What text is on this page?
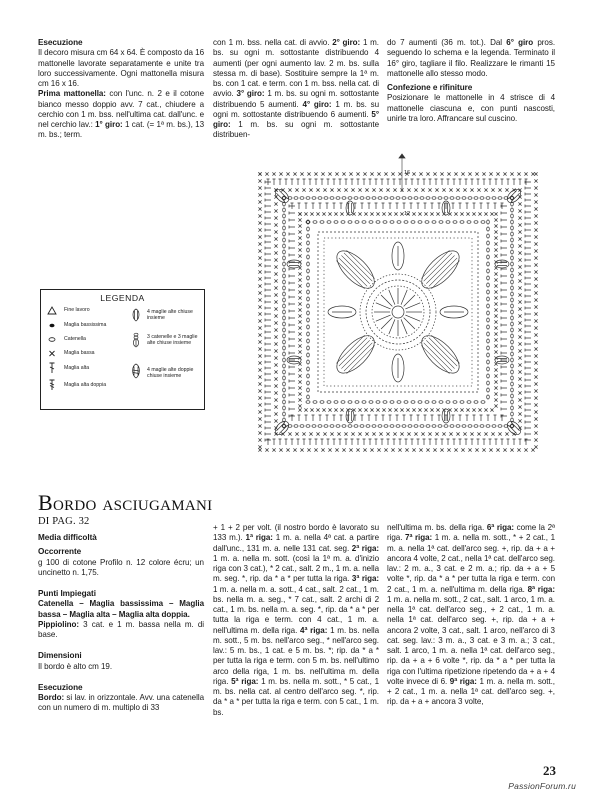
Esecuzione

Il decoro misura cm 64 x 64. È composto da 16 mattonelle lavorate separatamente e unite tra loro successivamente. Ogni mattonella misura cm 16 x 16.

Prima mattonella: con l'unc. n. 2 e il cotone bianco messo doppio avv. 7 cat., chiudere a cerchio con 1 m. bss. nell'ultima cat. dall'unc. e nel cerchio lav.: 1° giro: 1 cat. (= 1ª m. bs.), 13 m. bs.; term.

con 1 m. bss. nella cat. di avvio. 2° giro: 1 m. bs. su ogni m. sottostante distribuendo 4 aumenti (per ogni aumento lav. 2 m. bs. sulla stessa m. di base). Sostituire sempre la 1ª m. bs. con 1 cat. e term. con 1 m. bss. nella cat. di avvio. 3° giro: 1 m. bs. su ogni m. sottostante distribuendo 5 aumenti. 4° giro: 1 m. bs. su ogni m. sottostante distribuendo 6 aumenti. 5° giro: 1 m. bs. su ogni m. sottostante distribuen-

do 7 aumenti (36 m. tot.). Dal 6° giro pros. seguendo lo schema e la legenda. Terminato il 16° giro, tagliare il filo. Realizzare le rimanti 15 mattonelle allo stesso modo.

Confezione e rifiniture

Posizionare le mattonelle in 4 strisce di 4 mattonelle ciascuna e, con punti nascosti, unirle tra loro. Affrancare sul cuscino.

LEGENDA
Fine lavoro
Maglia bassissima
Catenella
Maglia bassa
Maglia alta
Maglia alta doppia
4 maglie alte chiuse insieme
3 catenelle e 3 maglie alte chiuse insieme
4 maglie alte doppie chiuse insieme
16
12
Bordo asciugamani
DI PAG. 32
Media difficoltà
Occorrente

g 100 di cotone Profilo n. 12 colore écru; un uncinetto n. 1,75.

Punti Impiegati

Catenella – Maglia bassissima – Maglia bassa – Maglia alta – Maglia alta doppia.

Pippiolino: 3 cat. e 1 m. bassa nella m. di base.

Dimensioni

Il bordo è alto cm 19.

Esecuzione

Bordo: si lav. in orizzontale. Avv. una catenella con un numero di m. multiplo di 33

+ 1 + 2 per volt. (il nostro bordo è lavorato su 133 m.). 1ª riga: 1 m. a. nella 4ª cat. a partire dall'unc., 131 m. a. nelle 131 cat. seg. 2ª riga: 1 m. a. nella m. sott. (così la 1ª m. a. d'inizio riga con 3 cat.), * 2 cat., salt. 2 m., 1 m. a. nella m. seg. *, rip. da * a * per tutta la riga. 3ª riga: 1 m. a. nella m. a. sott., 4 cat., salt. 2 cat., 1 m. bs. nella m. a. seg., * 7 cat., salt. 2 archi di 2 cat., 1 m. bs. nella m. a. seg. *, rip. da * a * per tutta la riga e term. con 4 cat., 1 m. a. nell'ultima m. della riga. 4ª riga: 1 m. bs. nella m. sott., 5 m. bs. nell'arco seg., * nell'arco seg. lav.: 5 m. bs., 1 cat. e 5 m. bs. *; rip. da * a * per tutta la riga e term. con 5 m. bs. nell'ultimo arco della riga, 1 m. bs. nell'ultima m. della riga. 5ª riga: 1 m. bs. nella m. sott., * 5 cat., 1 m. bs. nella cat. al centro dell'arco seg. *, rip. da * a * per tutta la riga e term. con 5 cat., 1 m. bs.

nell'ultima m. bs. della riga. 6ª riga: come la 2ª riga. 7ª riga: 1 m. a. nella m. sott., * + 2 cat., 1 m. a. nella 1ª cat. dell'arco seg. +, rip. da + a + ancora 4 volte, 2 cat., nella 1ª cat. dell'arco seg. lav.: 2 m. a., 3 cat. e 2 m. a.; rip. da + a + 5 volte *, rip. da * a * per tutta la riga e term. con 2 cat., 1 m. a. nell'ultima m. della riga. 8ª riga: 1 m. a. nella m. sott., 2 cat., salt. 1 arco, 1 m. a. nella 1ª cat. dell'arco seg., + 2 cat., 1 m. a. nella 1ª cat. dell'arco seg. +, rip. da + a + ancora 2 volte, 3 cat., salt. 1 arco, nell'arco di 3 cat. seg. lav.: 3 m. a., 3 cat. e 3 m. a.; 3 cat., salt. 1 arco, 1 m. a. nella 1ª cat. dell'arco seg., rip. da + a + 6 volte *, rip. da * a * per tutta la riga con l'ultima ripetizione ripetendo da + a + 4 volte invece di 6. 9ª riga: 1 m. a. nella m. sott., + 2 cat., 1 m. a. nella 1ª cat. dell'arco seg. +, rip. da + a + ancora 3 volte,

23
PassionForum.ru
